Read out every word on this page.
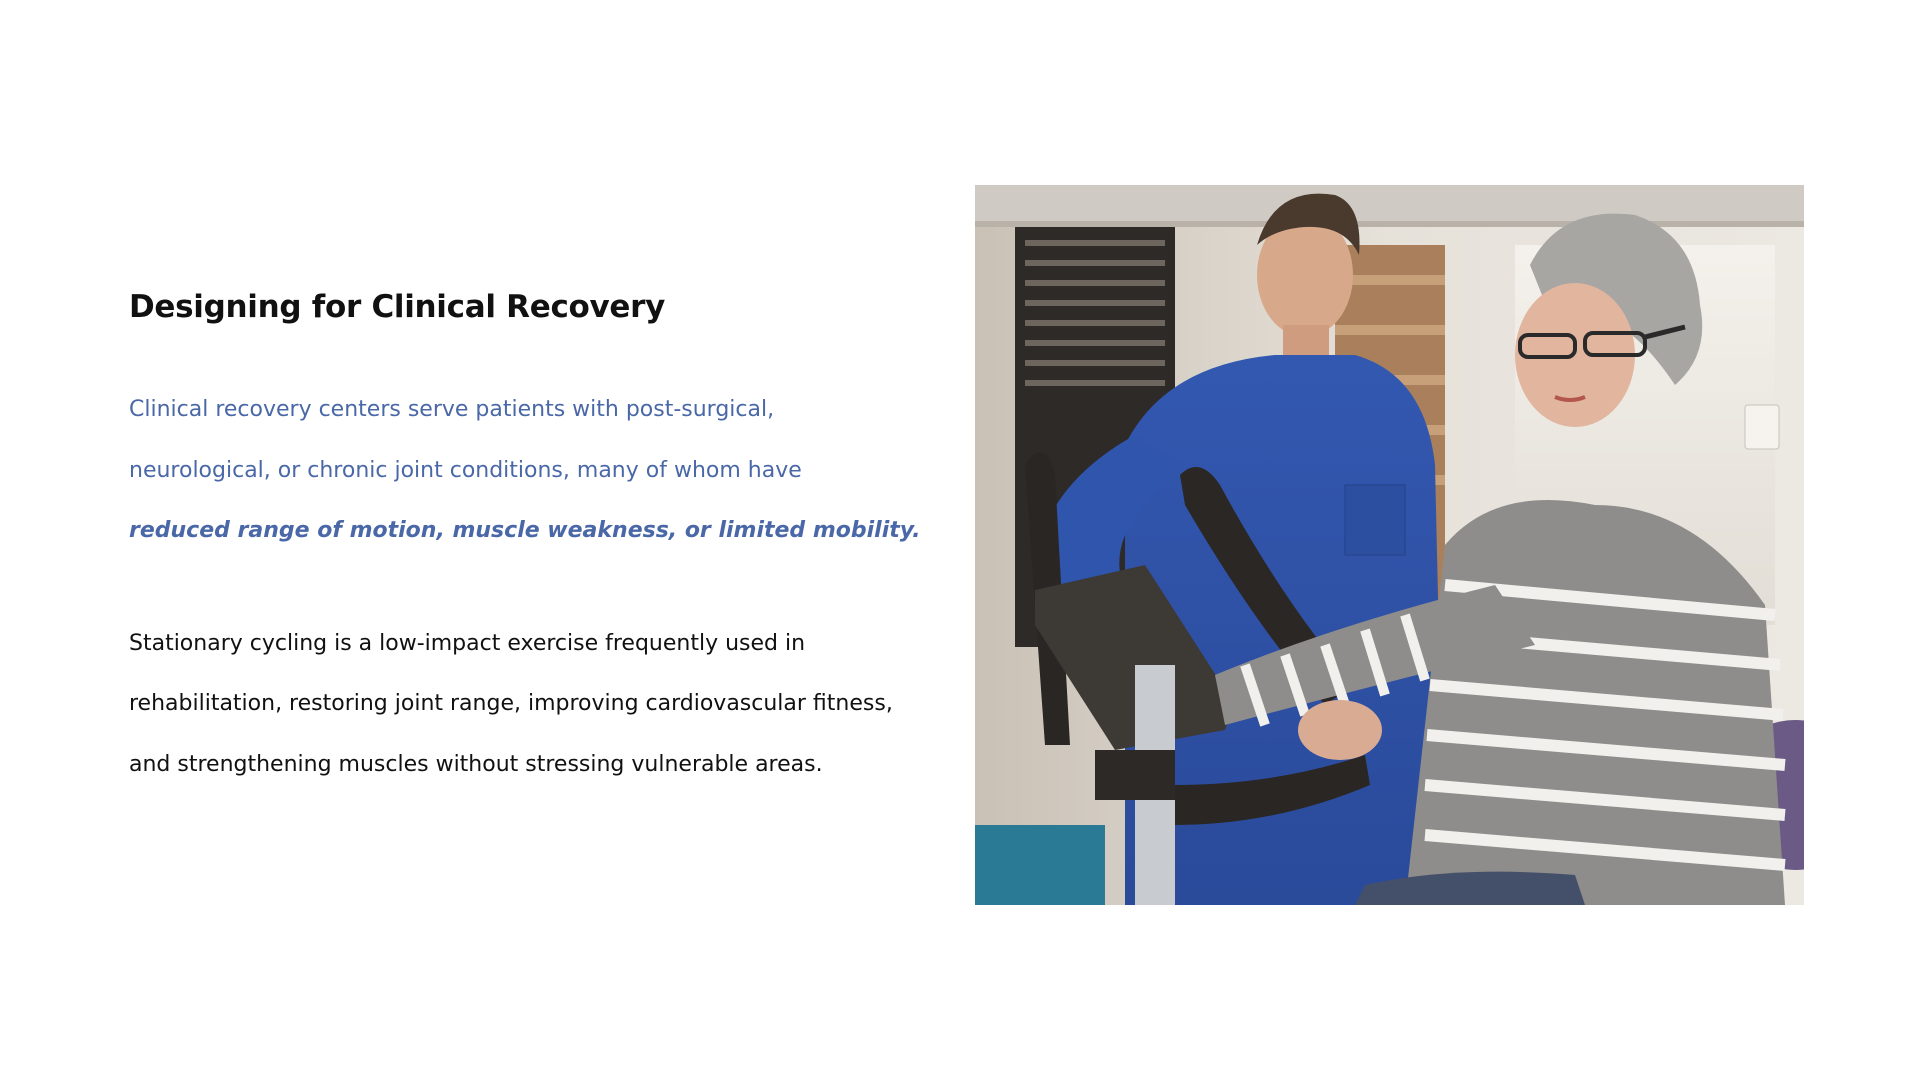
Designing for Clinical Recovery

Clinical recovery centers serve patients with post-surgical,
neurological, or chronic joint conditions, many of whom have
reduced range of motion, muscle weakness, or limited mobility.

Stationary cycling is a low-impact exercise frequently used in
rehabilitation, restoring joint range, improving cardiovascular fitness,
and strengthening muscles without stressing vulnerable areas.
